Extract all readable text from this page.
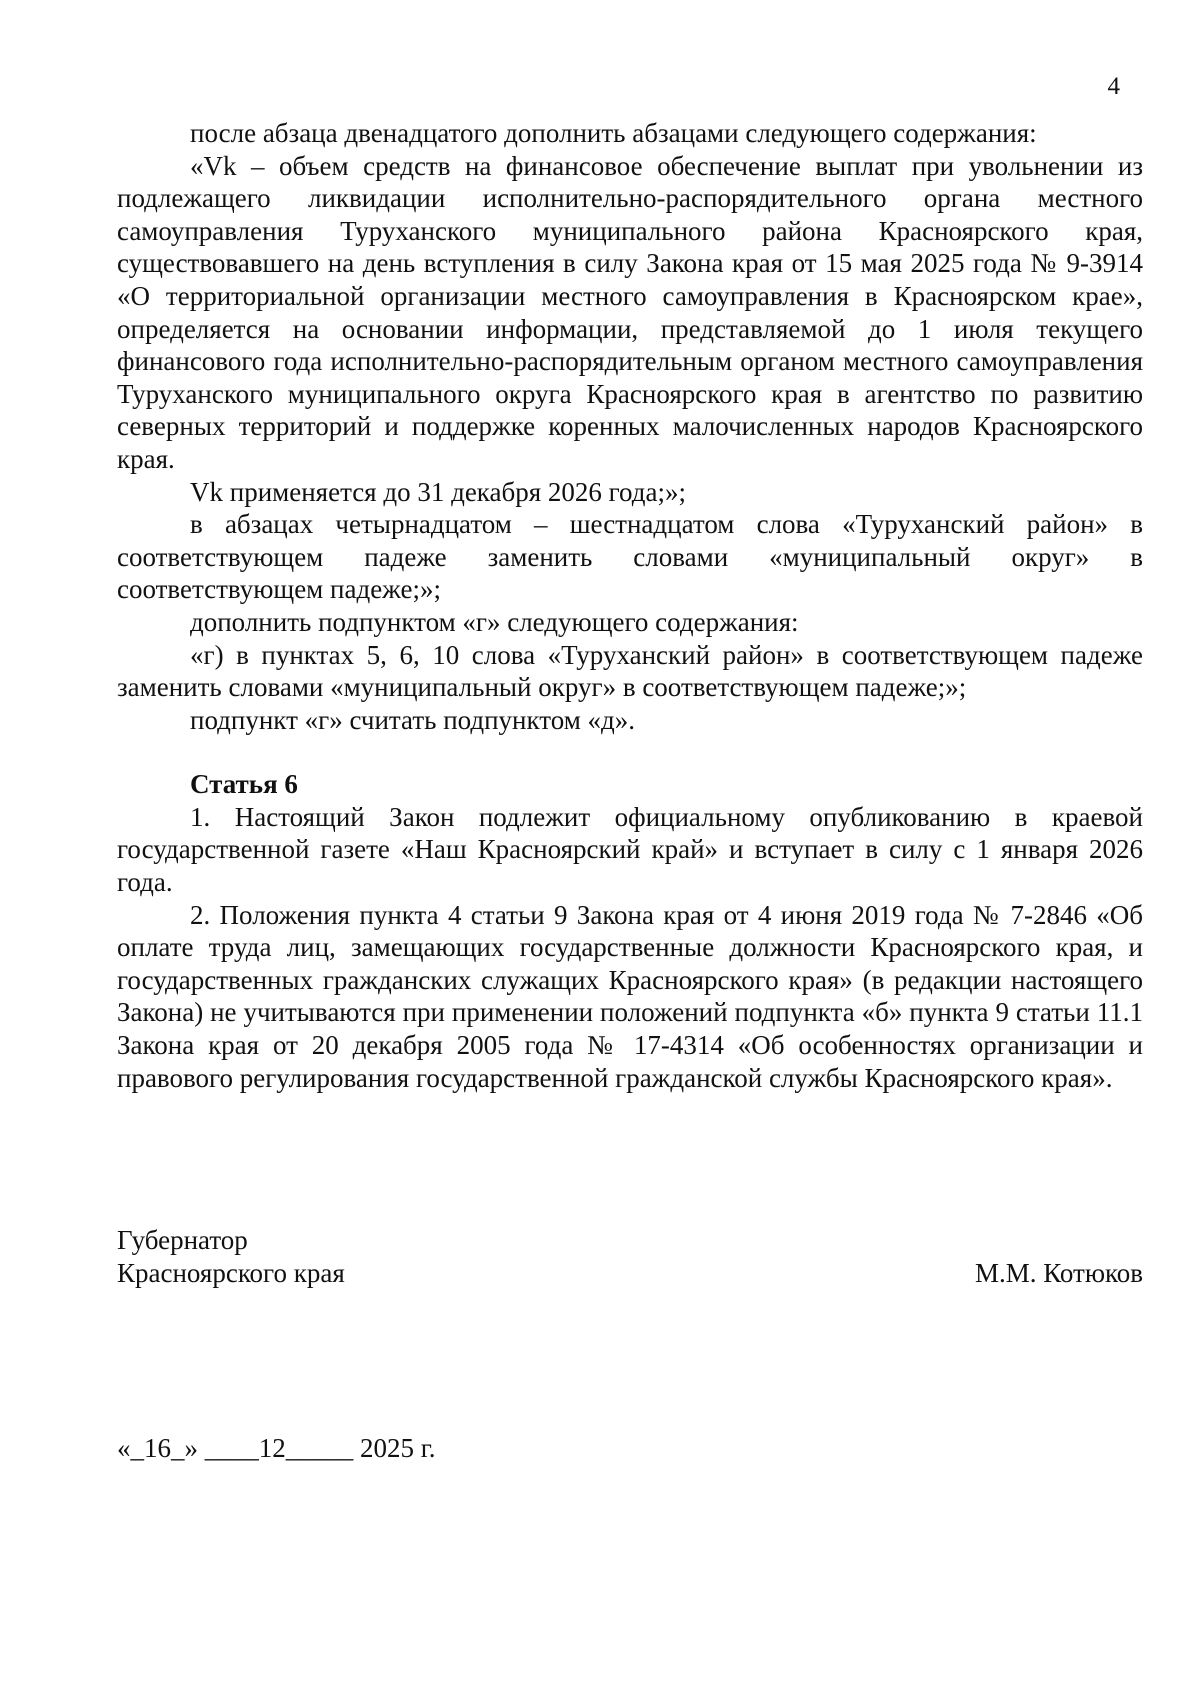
4

после абзаца двенадцатого дополнить абзацами следующего содержания:

«Vk – объем средств на финансовое обеспечение выплат при увольнении из подлежащего ликвидации исполнительно-распорядительного органа местного самоуправления Туруханского муниципального района Красноярского края, существовавшего на день вступления в силу Закона края от 15 мая 2025 года № 9-3914 «О территориальной организации местного самоуправления в Красноярском крае», определяется на основании информации, представляемой до 1 июля текущего финансового года исполнительно-распорядительным органом местного самоуправления Туруханского муниципального округа Красноярского края в агентство по развитию северных территорий и поддержке коренных малочисленных народов Красноярского края.

Vk применяется до 31 декабря 2026 года;»;

в абзацах четырнадцатом – шестнадцатом слова «Туруханский район» в соответствующем падеже заменить словами «муниципальный округ» в соответствующем падеже;»;

дополнить подпунктом «г» следующего содержания:

«г) в пунктах 5, 6, 10 слова «Туруханский район» в соответствующем падеже заменить словами «муниципальный округ» в соответствующем падеже;»;

подпункт «г» считать подпунктом «д».

Статья 6

1. Настоящий Закон подлежит официальному опубликованию в краевой государственной газете «Наш Красноярский край» и вступает в силу с 1 января 2026 года.

2. Положения пункта 4 статьи 9 Закона края от 4 июня 2019 года № 7-2846 «Об оплате труда лиц, замещающих государственные должности Красноярского края, и государственных гражданских служащих Красноярского края» (в редакции настоящего Закона) не учитываются при применении положений подпункта «б» пункта 9 статьи 11.1 Закона края от 20 декабря 2005 года № 17-4314 «Об особенностях организации и правового регулирования государственной гражданской службы Красноярского края».

Губернатор
Красноярского края	М.М. Котюков
«_16_» ____12_____ 2025 г.
